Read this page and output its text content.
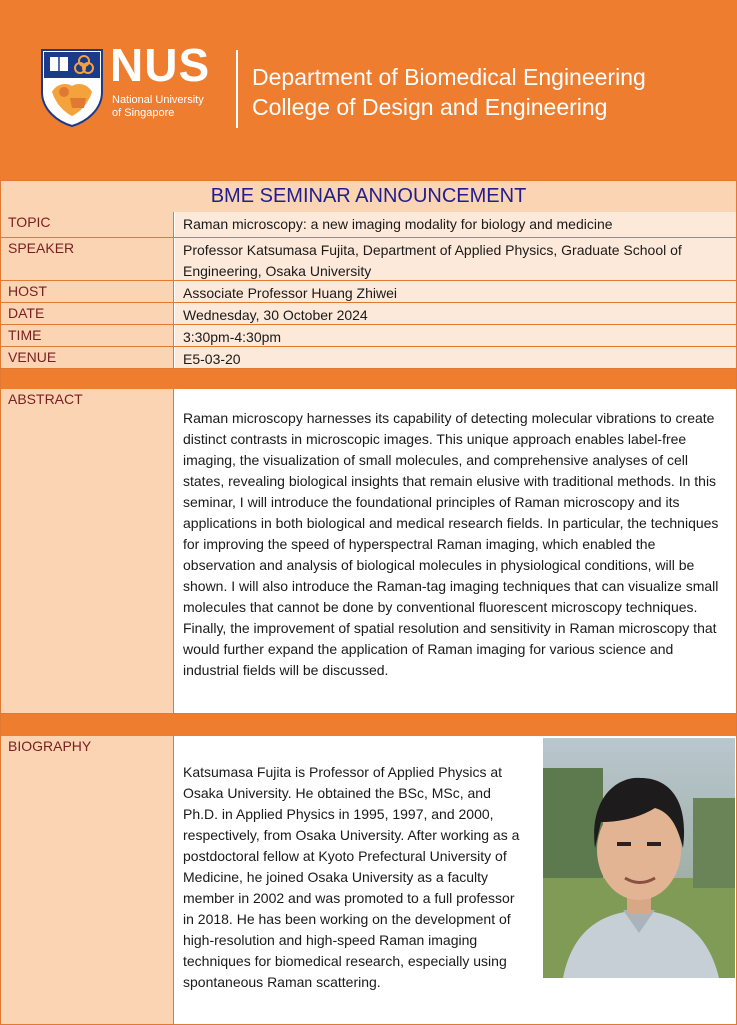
NUS
National University
of Singapore
Department of Biomedical Engineering
College of Design and Engineering
BME SEMINAR ANNOUNCEMENT
TOPIC	Raman microscopy: a new imaging modality for biology and medicine
SPEAKER	Professor Katsumasa Fujita, Department of Applied Physics, Graduate School of Engineering, Osaka University
HOST	Associate Professor Huang Zhiwei
DATE	Wednesday, 30 October 2024
TIME	3:30pm-4:30pm
VENUE	E5-03-20
ABSTRACT
Raman microscopy harnesses its capability of detecting molecular vibrations to create distinct contrasts in microscopic images. This unique approach enables label-free imaging, the visualization of small molecules, and comprehensive analyses of cell states, revealing biological insights that remain elusive with traditional methods. In this seminar, I will introduce the foundational principles of Raman microscopy and its applications in both biological and medical research fields. In particular, the techniques for improving the speed of hyperspectral Raman imaging, which enabled the observation and analysis of biological molecules in physiological conditions, will be shown. I will also introduce the Raman-tag imaging techniques that can visualize small molecules that cannot be done by conventional fluorescent microscopy techniques. Finally, the improvement of spatial resolution and sensitivity in Raman microscopy that would further expand the application of Raman imaging for various science and industrial fields will be discussed.
BIOGRAPHY
Katsumasa Fujita is Professor of Applied Physics at Osaka University. He obtained the BSc, MSc, and Ph.D. in Applied Physics in 1995, 1997, and 2000, respectively, from Osaka University. After working as a postdoctoral fellow at Kyoto Prefectural University of Medicine, he joined Osaka University as a faculty member in 2002 and was promoted to a full professor in 2018. He has been working on the development of high-resolution and high-speed Raman imaging techniques for biomedical research, especially using spontaneous Raman scattering.
